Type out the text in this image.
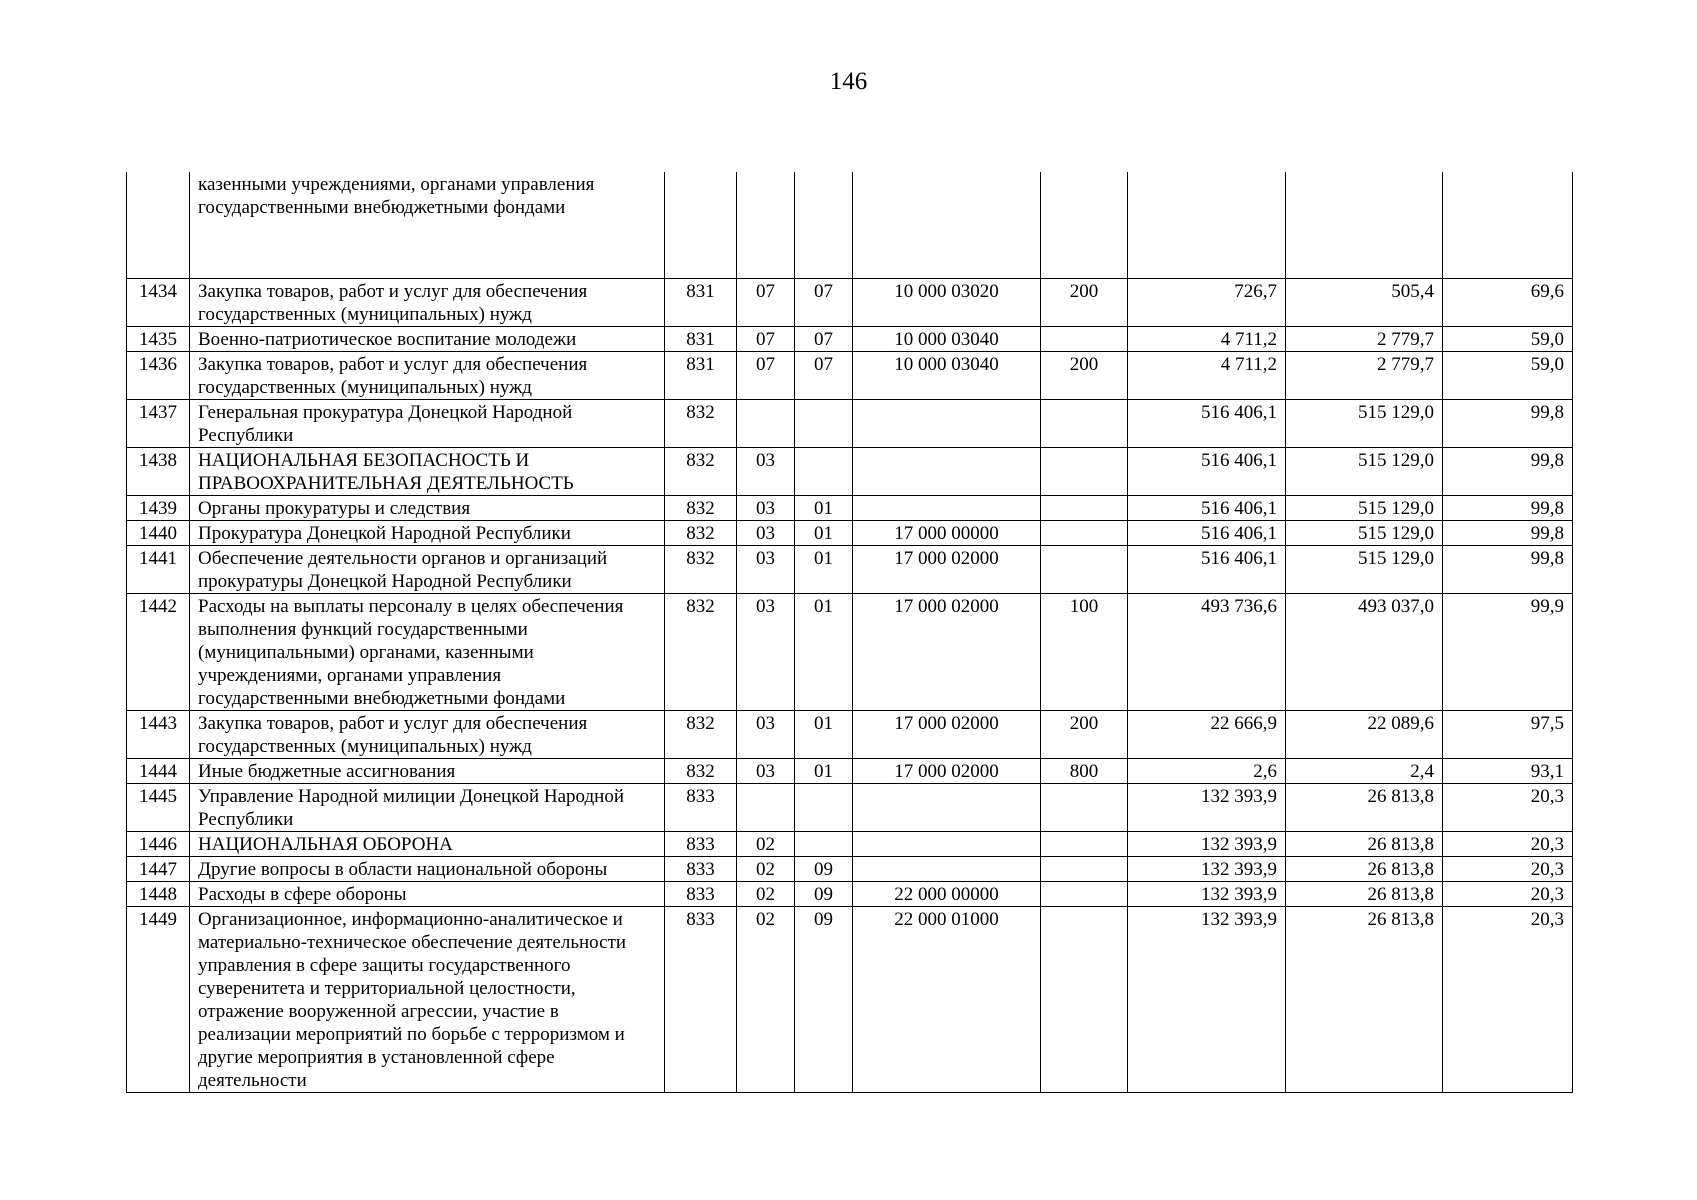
146
	казенными учреждениями, органами управления государственными внебюджетными фондами								
1434	Закупка товаров, работ и услуг для обеспечения государственных (муниципальных) нужд	831	07	07	10 000 03020	200	726,7	505,4	69,6
1435	Военно-патриотическое воспитание молодежи	831	07	07	10 000 03040		4 711,2	2 779,7	59,0
1436	Закупка товаров, работ и услуг для обеспечения государственных (муниципальных) нужд	831	07	07	10 000 03040	200	4 711,2	2 779,7	59,0
1437	Генеральная прокуратура Донецкой Народной Республики	832					516 406,1	515 129,0	99,8
1438	НАЦИОНАЛЬНАЯ БЕЗОПАСНОСТЬ И ПРАВООХРАНИТЕЛЬНАЯ ДЕЯТЕЛЬНОСТЬ	832	03				516 406,1	515 129,0	99,8
1439	Органы прокуратуры и следствия	832	03	01			516 406,1	515 129,0	99,8
1440	Прокуратура Донецкой Народной Республики	832	03	01	17 000 00000		516 406,1	515 129,0	99,8
1441	Обеспечение деятельности органов и организаций прокуратуры Донецкой Народной Республики	832	03	01	17 000 02000		516 406,1	515 129,0	99,8
1442	Расходы на выплаты персоналу в целях обеспечения выполнения функций государственными (муниципальными) органами, казенными учреждениями, органами управления государственными внебюджетными фондами	832	03	01	17 000 02000	100	493 736,6	493 037,0	99,9
1443	Закупка товаров, работ и услуг для обеспечения государственных (муниципальных) нужд	832	03	01	17 000 02000	200	22 666,9	22 089,6	97,5
1444	Иные бюджетные ассигнования	832	03	01	17 000 02000	800	2,6	2,4	93,1
1445	Управление Народной милиции Донецкой Народной Республики	833					132 393,9	26 813,8	20,3
1446	НАЦИОНАЛЬНАЯ ОБОРОНА	833	02				132 393,9	26 813,8	20,3
1447	Другие вопросы в области национальной обороны	833	02	09			132 393,9	26 813,8	20,3
1448	Расходы в сфере обороны	833	02	09	22 000 00000		132 393,9	26 813,8	20,3
1449	Организационное, информационно-аналитическое и материально-техническое обеспечение деятельности управления в сфере защиты государственного суверенитета и территориальной целостности, отражение вооруженной агрессии, участие в реализации мероприятий по борьбе с терроризмом и другие мероприятия в установленной сфере деятельности	833	02	09	22 000 01000		132 393,9	26 813,8	20,3
